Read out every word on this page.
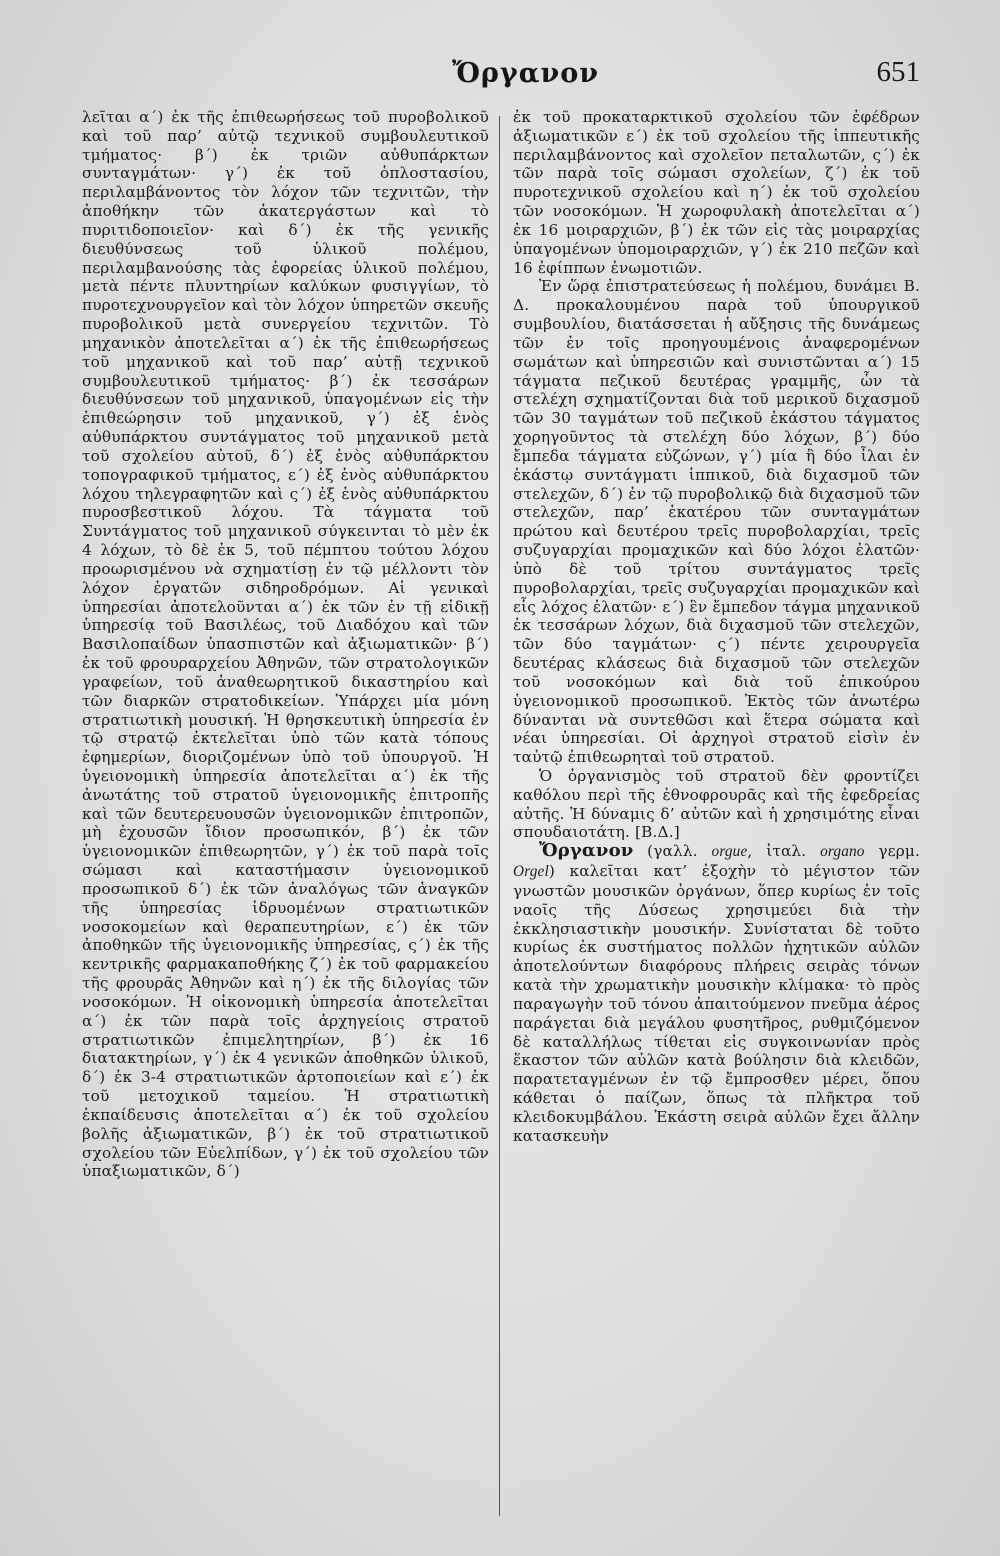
Ὄργανον	651

λεῖται α΄) ἐκ τῆς ἐπιθεωρήσεως τοῦ πυροβολικοῦ καὶ τοῦ παρ’ αὐτῷ τεχνικοῦ συμβουλευτικοῦ τμήματος· β΄) ἐκ τριῶν αὐθυπάρκτων συνταγμάτων· γ΄) ἐκ τοῦ ὁπλοστασίου, περιλαμβάνοντος τὸν λόχον τῶν τεχνιτῶν, τὴν ἀποθήκην τῶν ἀκατεργάστων καὶ τὸ πυριτιδοποιεῖον· καὶ δ΄) ἐκ τῆς γενικῆς διευθύνσεως τοῦ ὑλικοῦ πολέμου, περιλαμβανούσης τὰς ἐφορείας ὑλικοῦ πολέμου, μετὰ πέντε πλυντηρίων καλύκων φυσιγγίων, τὸ πυροτεχνουργεῖον καὶ τὸν λόχον ὑπηρετῶν σκευῆς πυροβολικοῦ μετὰ συνεργείου τεχνιτῶν. Τὸ μηχανικὸν ἀποτελεῖται α΄) ἐκ τῆς ἐπιθεωρήσεως τοῦ μηχανικοῦ καὶ τοῦ παρ’ αὐτῇ τεχνικοῦ συμβουλευτικοῦ τμήματος· β΄) ἐκ τεσσάρων διευθύνσεων τοῦ μηχανικοῦ, ὑπαγομένων εἰς τὴν ἐπιθεώρησιν τοῦ μηχανικοῦ, γ΄) ἐξ ἑνὸς αὐθυπάρκτου συντάγματος τοῦ μηχανικοῦ μετὰ τοῦ σχολείου αὐτοῦ, δ΄) ἐξ ἑνὸς αὐθυπάρκτου τοπογραφικοῦ τμήματος, ε΄) ἐξ ἑνὸς αὐθυπάρκτου λόχου τηλεγραφητῶν καὶ ς΄) ἐξ ἑνὸς αὐθυπάρκτου πυροσβεστικοῦ λόχου. Τὰ τάγματα τοῦ Συντάγματος τοῦ μηχανικοῦ σύγκεινται τὸ μὲν ἐκ 4 λόχων, τὸ δὲ ἐκ 5, τοῦ πέμπτου τούτου λόχου προωρισμένου νὰ σχηματίσῃ ἐν τῷ μέλλοντι τὸν λόχον ἐργατῶν σιδηροδρόμων. Αἱ γενικαὶ ὑπηρεσίαι ἀποτελοῦνται α΄) ἐκ τῶν ἐν τῇ εἰδικῇ ὑπηρεσίᾳ τοῦ Βασιλέως, τοῦ Διαδόχου καὶ τῶν Βασιλοπαίδων ὑπασπιστῶν καὶ ἀξιωματικῶν· β΄) ἐκ τοῦ φρουραρχείου Ἀθηνῶν, τῶν στρατολογικῶν γραφείων, τοῦ ἀναθεωρητικοῦ δικαστηρίου καὶ τῶν διαρκῶν στρατοδικείων. Ὑπάρχει μία μόνη στρατιωτικὴ μουσική. Ἡ θρησκευτικὴ ὑπηρεσία ἐν τῷ στρατῷ ἐκτελεῖται ὑπὸ τῶν κατὰ τόπους ἐφημερίων, διοριζομένων ὑπὸ τοῦ ὑπουργοῦ. Ἡ ὑγειονομικὴ ὑπηρεσία ἀποτελεῖται α΄) ἐκ τῆς ἀνωτάτης τοῦ στρατοῦ ὑγειονομικῆς ἐπιτροπῆς καὶ τῶν δευτερευουσῶν ὑγειονομικῶν ἐπιτροπῶν, μὴ ἐχουσῶν ἴδιον προσωπικόν, β΄) ἐκ τῶν ὑγειονομικῶν ἐπιθεωρητῶν, γ΄) ἐκ τοῦ παρὰ τοῖς σώμασι καὶ καταστήμασιν ὑγειονομικοῦ προσωπικοῦ δ΄) ἐκ τῶν ἀναλόγως τῶν ἀναγκῶν τῆς ὑπηρεσίας ἱδρυομένων στρατιωτικῶν νοσοκομείων καὶ θεραπευτηρίων, ε΄) ἐκ τῶν ἀποθηκῶν τῆς ὑγειονομικῆς ὑπηρεσίας, ς΄) ἐκ τῆς κεντρικῆς φαρμακαποθήκης ζ΄) ἐκ τοῦ φαρμακείου τῆς φρουρᾶς Ἀθηνῶν καὶ η΄) ἐκ τῆς διλογίας τῶν νοσοκόμων. Ἡ οἰκονομικὴ ὑπηρεσία ἀποτελεῖται α΄) ἐκ τῶν παρὰ τοῖς ἀρχηγείοις στρατοῦ στρατιωτικῶν ἐπιμελητηρίων, β΄) ἐκ 16 διατακτηρίων, γ΄) ἐκ 4 γενικῶν ἀποθηκῶν ὑλικοῦ, δ΄) ἐκ 3-4 στρατιωτικῶν ἀρτοποιείων καὶ ε΄) ἐκ τοῦ μετοχικοῦ ταμείου. Ἡ στρατιωτικὴ ἐκπαίδευσις ἀποτελεῖται α΄) ἐκ τοῦ σχολείου βολῆς ἀξιωματικῶν, β΄) ἐκ τοῦ στρατιωτικοῦ σχολείου τῶν Εὐελπίδων, γ΄) ἐκ τοῦ σχολείου τῶν ὑπαξιωματικῶν, δ΄)

ἐκ τοῦ προκαταρκτικοῦ σχολείου τῶν ἐφέδρων ἀξιωματικῶν ε΄) ἐκ τοῦ σχολείου τῆς ἱππευτικῆς περιλαμβάνοντος καὶ σχολεῖον πεταλωτῶν, ς΄) ἐκ τῶν παρὰ τοῖς σώμασι σχολείων, ζ΄) ἐκ τοῦ πυροτεχνικοῦ σχολείου καὶ η΄) ἐκ τοῦ σχολείου τῶν νοσοκόμων. Ἡ χωροφυλακὴ ἀποτελεῖται α΄) ἐκ 16 μοιραρχιῶν, β΄) ἐκ τῶν εἰς τὰς μοιραρχίας ὑπαγομένων ὑπομοιραρχιῶν, γ΄) ἐκ 210 πεζῶν καὶ 16 ἐφίππων ἐνωμοτιῶν.

Ἐν ὥρᾳ ἐπιστρατεύσεως ἡ πολέμου, δυνάμει Β. Δ. προκαλουμένου παρὰ τοῦ ὑπουργικοῦ συμβουλίου, διατάσσεται ἡ αὔξησις τῆς δυνάμεως τῶν ἐν τοῖς προηγουμένοις ἀναφερομένων σωμάτων καὶ ὑπηρεσιῶν καὶ συνιστῶνται α΄) 15 τάγματα πεζικοῦ δευτέρας γραμμῆς, ὧν τὰ στελέχη σχηματίζονται διὰ τοῦ μερικοῦ διχασμοῦ τῶν 30 ταγμάτων τοῦ πεζικοῦ ἑκάστου τάγματος χορηγοῦντος τὰ στελέχη δύο λόχων, β΄) δύο ἔμπεδα τάγματα εὐζώνων, γ΄) μία ἢ δύο ἶλαι ἐν ἑκάστῳ συντάγματι ἱππικοῦ, διὰ διχασμοῦ τῶν στελεχῶν, δ΄) ἐν τῷ πυροβολικῷ διὰ διχασμοῦ τῶν στελεχῶν, παρ’ ἑκατέρου τῶν συνταγμάτων πρώτου καὶ δευτέρου τρεῖς πυροβολαρχίαι, τρεῖς συζυγαρχίαι προμαχικῶν καὶ δύο λόχοι ἐλατῶν· ὑπὸ δὲ τοῦ τρίτου συντάγματος τρεῖς πυροβολαρχίαι, τρεῖς συζυγαρχίαι προμαχικῶν καὶ εἷς λόχος ἐλατῶν· ε΄) ἓν ἔμπεδον τάγμα μηχανικοῦ ἐκ τεσσάρων λόχων, διὰ διχασμοῦ τῶν στελεχῶν, τῶν δύο ταγμάτων· ς΄) πέντε χειρουργεῖα δευτέρας κλάσεως διὰ διχασμοῦ τῶν στελεχῶν τοῦ νοσοκόμων καὶ διὰ τοῦ ἐπικούρου ὑγειονομικοῦ προσωπικοῦ. Ἐκτὸς τῶν ἀνωτέρω δύνανται νὰ συντεθῶσι καὶ ἕτερα σώματα καὶ νέαι ὑπηρεσίαι. Οἱ ἀρχηγοὶ στρατοῦ εἰσὶν ἐν ταὐτῷ ἐπιθεωρηταὶ τοῦ στρατοῦ.

Ὁ ὀργανισμὸς τοῦ στρατοῦ δὲν φροντίζει καθόλου περὶ τῆς ἐθνοφρουρᾶς καὶ τῆς ἐφεδρείας αὐτῆς. Ἡ δύναμις δ’ αὐτῶν καὶ ἡ χρησιμότης εἶναι σπουδαιοτάτη. [Β.Δ.]

Ὄργανον (γαλλ. orgue, ἰταλ. organo γερμ. Orgel) καλεῖται κατ’ ἐξοχὴν τὸ μέγιστον τῶν γνωστῶν μουσικῶν ὀργάνων, ὅπερ κυρίως ἐν τοῖς ναοῖς τῆς Δύσεως χρησιμεύει διὰ τὴν ἐκκλησιαστικὴν μουσικήν. Συνίσταται δὲ τοῦτο κυρίως ἐκ συστήματος πολλῶν ἠχητικῶν αὐλῶν ἀποτελούντων διαφόρους πλήρεις σειρὰς τόνων κατὰ τὴν χρωματικὴν μουσικὴν κλίμακα· τὸ πρὸς παραγωγὴν τοῦ τόνου ἀπαιτούμενον πνεῦμα ἀέρος παράγεται διὰ μεγάλου φυσητῆρος, ρυθμιζόμενον δὲ καταλλήλως τίθεται εἰς συγκοινωνίαν πρὸς ἕκαστον τῶν αὐλῶν κατὰ βούλησιν διὰ κλειδῶν, παρατεταγμένων ἐν τῷ ἔμπροσθεν μέρει, ὅπου κάθεται ὁ παίζων, ὅπως τὰ πλῆκτρα τοῦ κλειδοκυμβάλου. Ἑκάστη σειρὰ αὐλῶν ἔχει ἄλλην κατασκευὴν
